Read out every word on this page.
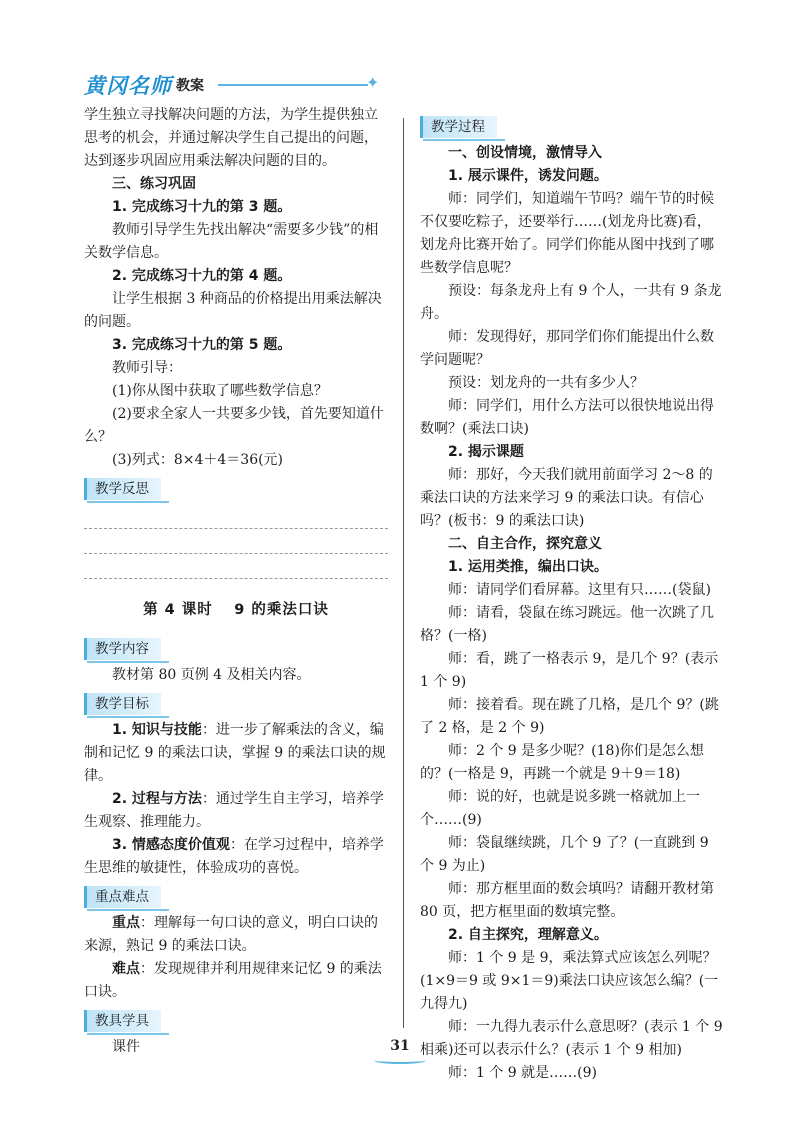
黄冈名师 教案	✦

学生独立寻找解决问题的方法，为学生提供独立思考的机会，并通过解决学生自己提出的问题，达到逐步巩固应用乘法解决问题的目的。

三、练习巩固

1. 完成练习十九的第 3 题。

教师引导学生先找出解决“需要多少钱”的相关数学信息。

2. 完成练习十九的第 4 题。

让学生根据 3 种商品的价格提出用乘法解决的问题。

3. 完成练习十九的第 5 题。

教师引导：

(1)你从图中获取了哪些数学信息？

(2)要求全家人一共要多少钱，首先要知道什么？

(3)列式：8×4＋4＝36(元)

教学反思
第 4 课时　 9 的乘法口诀
教学内容

教材第 80 页例 4 及相关内容。

教学目标

1. 知识与技能：进一步了解乘法的含义，编制和记忆 9 的乘法口诀，掌握 9 的乘法口诀的规律。

2. 过程与方法：通过学生自主学习，培养学生观察、推理能力。

3. 情感态度价值观：在学习过程中，培养学生思维的敏捷性，体验成功的喜悦。

重点难点

重点：理解每一句口诀的意义，明白口诀的来源，熟记 9 的乘法口诀。

难点：发现规律并利用规律来记忆 9 的乘法口诀。

教具学具

课件

教学过程

一、创设情境，激情导入

1. 展示课件，诱发问题。

师：同学们，知道端午节吗？端午节的时候不仅要吃粽子，还要举行……(划龙舟比赛)看，划龙舟比赛开始了。同学们你能从图中找到了哪些数学信息呢？

预设：每条龙舟上有 9 个人，一共有 9 条龙舟。

师：发现得好，那同学们你们能提出什么数学问题呢？

预设：划龙舟的一共有多少人？

师：同学们，用什么方法可以很快地说出得数啊？(乘法口诀)

2. 揭示课题

师：那好，今天我们就用前面学习 2～8 的乘法口诀的方法来学习 9 的乘法口诀。有信心吗？(板书：9 的乘法口诀)

二、自主合作，探究意义

1. 运用类推，编出口诀。

师：请同学们看屏幕。这里有只……(袋鼠)

师：请看，袋鼠在练习跳远。他一次跳了几格？(一格)

师：看，跳了一格表示 9，是几个 9？(表示 1 个 9)

师：接着看。现在跳了几格，是几个 9？(跳了 2 格，是 2 个 9)

师：2 个 9 是多少呢？(18)你们是怎么想的？(一格是 9，再跳一个就是 9＋9＝18)

师：说的好，也就是说多跳一格就加上一个……(9)

师：袋鼠继续跳，几个 9 了？(一直跳到 9 个 9 为止)

师：那方框里面的数会填吗？请翻开教材第 80 页，把方框里面的数填完整。

2. 自主探究，理解意义。

师：1 个 9 是 9，乘法算式应该怎么列呢？(1×9＝9 或 9×1＝9)乘法口诀应该怎么编？(一九得九)

师：一九得九表示什么意思呀？(表示 1 个 9 相乘)还可以表示什么？(表示 1 个 9 相加)

师：1 个 9 就是……(9)

31
